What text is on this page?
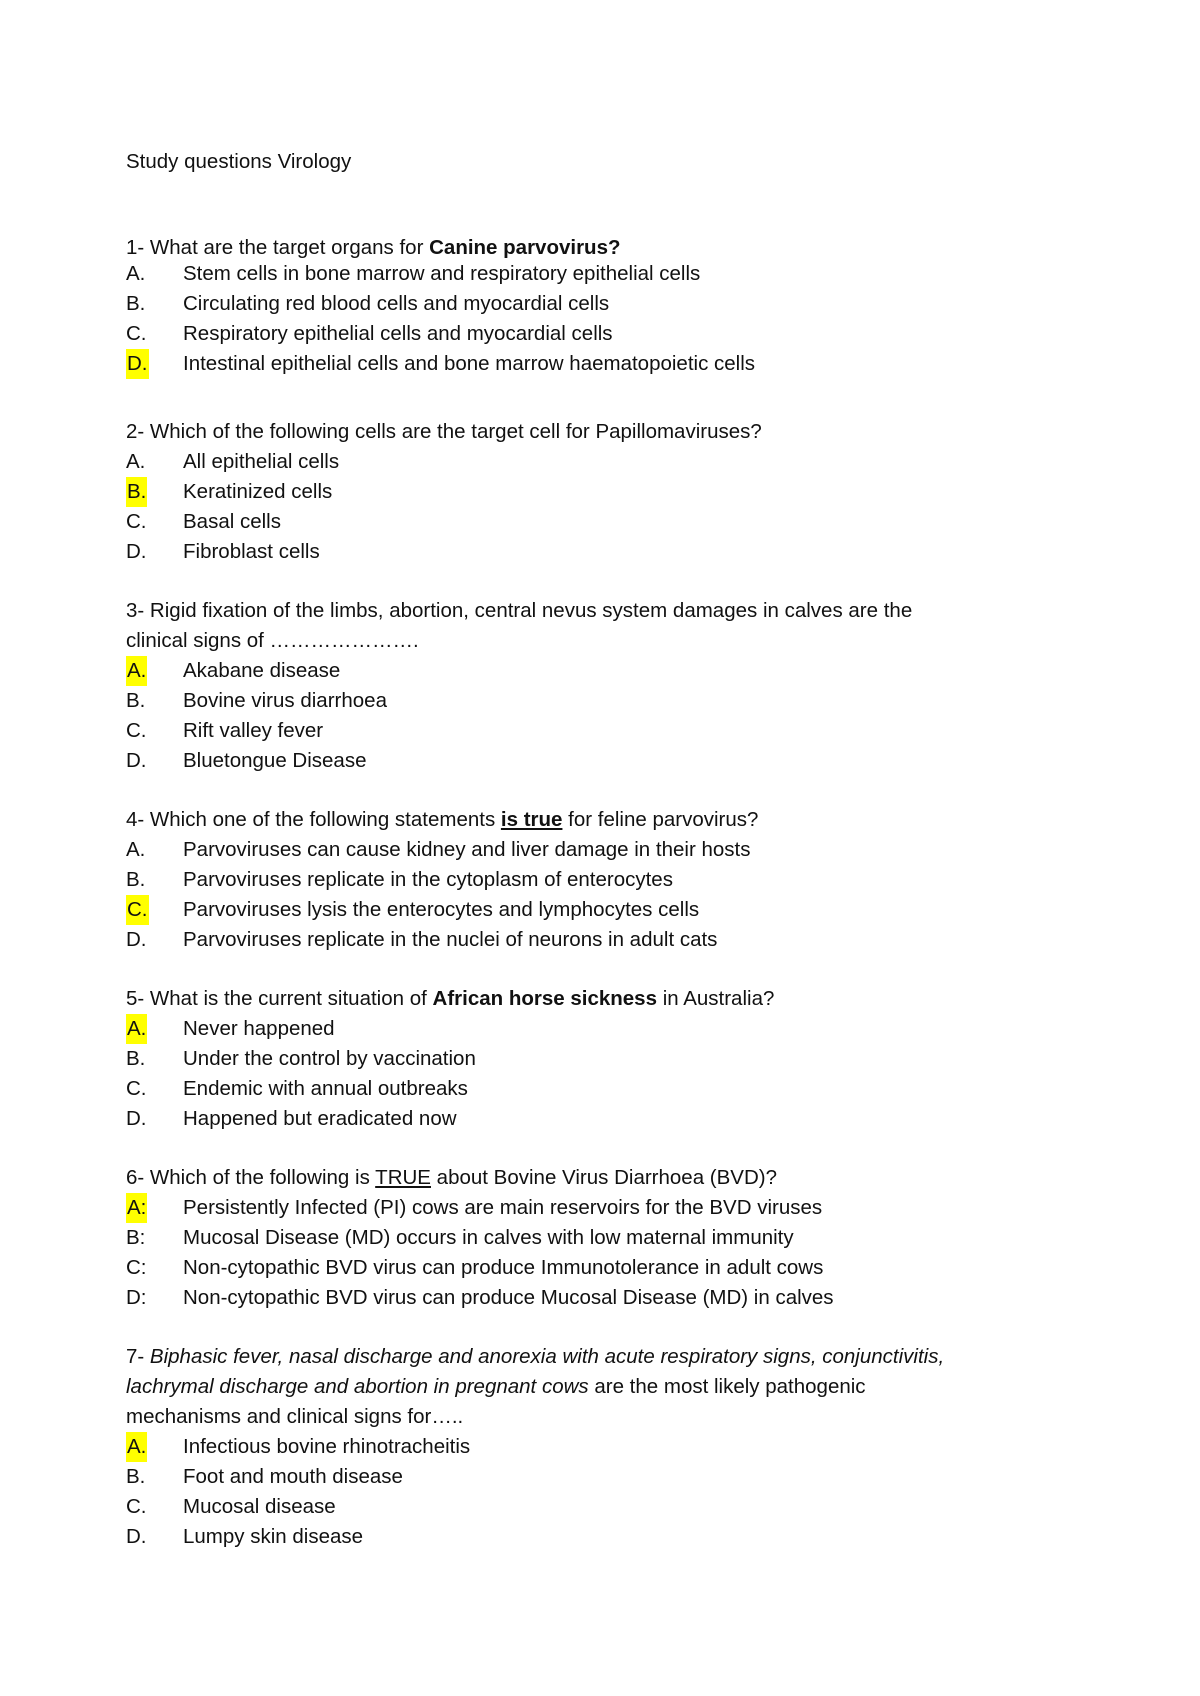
Study questions Virology
1- What are the target organs for Canine parvovirus?
A. Stem cells in bone marrow and respiratory epithelial cells
B. Circulating red blood cells and myocardial cells
C. Respiratory epithelial cells and myocardial cells
D. Intestinal epithelial cells and bone marrow haematopoietic cells
2- Which of the following cells are the target cell for Papillomaviruses?
A. All epithelial cells
B. Keratinized cells
C. Basal cells
D. Fibroblast cells
3- Rigid fixation of the limbs, abortion, central nevus system damages in calves are the
clinical signs of ………………….
A. Akabane disease
B. Bovine virus diarrhoea
C. Rift valley fever
D. Bluetongue Disease
4- Which one of the following statements is true for feline parvovirus?
A. Parvoviruses can cause kidney and liver damage in their hosts
B. Parvoviruses replicate in the cytoplasm of enterocytes
C. Parvoviruses lysis the enterocytes and lymphocytes cells
D. Parvoviruses replicate in the nuclei of neurons in adult cats
5- What is the current situation of African horse sickness in Australia?
A. Never happened
B. Under the control by vaccination
C. Endemic with annual outbreaks
D. Happened but eradicated now
6- Which of the following is TRUE about Bovine Virus Diarrhoea (BVD)?
A: Persistently Infected (PI) cows are main reservoirs for the BVD viruses
B: Mucosal Disease (MD) occurs in calves with low maternal immunity
C: Non-cytopathic BVD virus can produce Immunotolerance in adult cows
D: Non-cytopathic BVD virus can produce Mucosal Disease (MD) in calves
7- Biphasic fever, nasal discharge and anorexia with acute respiratory signs, conjunctivitis,
lachrymal discharge and abortion in pregnant cows are the most likely pathogenic
mechanisms and clinical signs for…..
A. Infectious bovine rhinotracheitis
B. Foot and mouth disease
C. Mucosal disease
D. Lumpy skin disease
